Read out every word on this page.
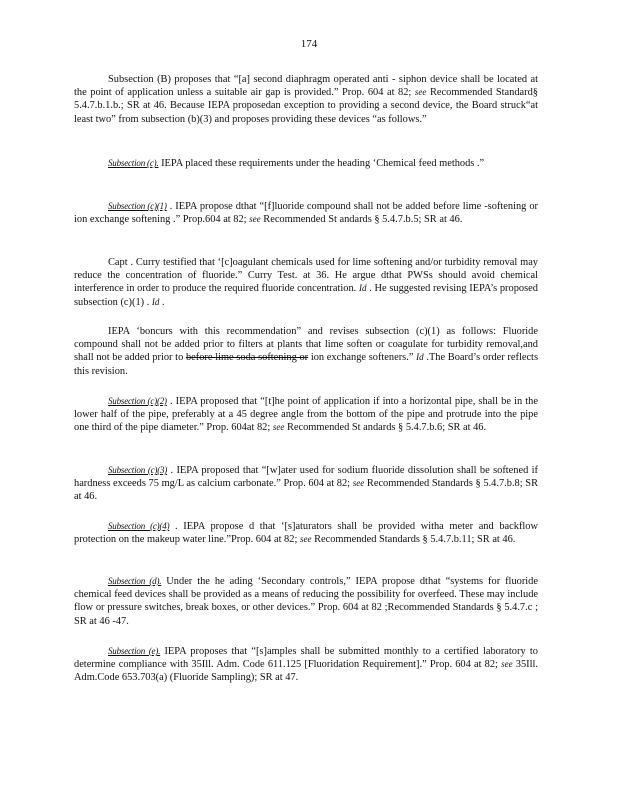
174
Subsection (B) proposes that “[a] second diaphragm operated anti - siphon device shall be located at the point of application unless a suitable air gap is provided.” Prop. 604 at 82; see Recommended Standard§ 5.4.7.b.1.b.; SR at 46. Because IEPA proposedan exception to providing a second device, the Board struck“at least two” from subsection (b)(3) and proposes providing these devices “as follows.”
Subsection (c). IEPA placed these requirements under the heading ‘Chemical feed methods .”
Subsection (c)(1) . IEPA propose dthat “[f]luoride compound shall not be added before lime -softening or ion exchange softening .” Prop.604 at 82; see Recommended St andards § 5.4.7.b.5; SR at 46.
Capt . Curry testified that ‘[c]oagulant chemicals used for lime softening and/or turbidity removal may reduce the concentration of fluoride.” Curry Test. at 36. He argue dthat PWSs should avoid chemical interference in order to produce the required fluoride concentration. Id . He suggested revising IEPA’s proposed subsection (c)(1) . Id .
IEPA ‘boncurs with this recommendation” and revises subsection (c)(1) as follows: Fluoride compound shall not be added prior to filters at plants that lime soften or coagulate for turbidity removal,and shall not be added prior to before lime soda softening or ion exchange softeners.” Id .The Board’s order reflects this revision.
Subsection (c)(2) . IEPA proposed that “[t]he point of application if into a horizontal pipe, shall be in the lower half of the pipe, preferably at a 45 degree angle from the bottom of the pipe and protrude into the pipe one third of the pipe diameter.” Prop. 604at 82; see Recommended St andards § 5.4.7.b.6; SR at 46.
Subsection (c)(3) . IEPA proposed that “[w]ater used for sodium fluoride dissolution shall be softened if hardness exceeds 75 mg/L as calcium carbonate.” Prop. 604 at 82; see Recommended Standards § 5.4.7.b.8; SR at 46.
Subsection (c)(4) . IEPA propose d that ‘[s]aturators shall be provided witha meter and backflow protection on the makeup water line.”Prop. 604 at 82; see Recommended Standards § 5.4.7.b.11; SR at 46.
Subsection (d). Under the he ading ‘Secondary controls,” IEPA propose dthat “systems for fluoride chemical feed devices shall be provided as a means of reducing the possibility for overfeed. These may include flow or pressure switches, break boxes, or other devices.” Prop. 604 at 82 ;Recommended Standards § 5.4.7.c ; SR at 46 -47.
Subsection (e). IEPA proposes that “[s]amples shall be submitted monthly to a certified laboratory to determine compliance with 35Ill. Adm. Code 611.125 [Fluoridation Requirement].” Prop. 604 at 82; see 35Ill. Adm.Code 653.703(a) (Fluoride Sampling); SR at 47.
